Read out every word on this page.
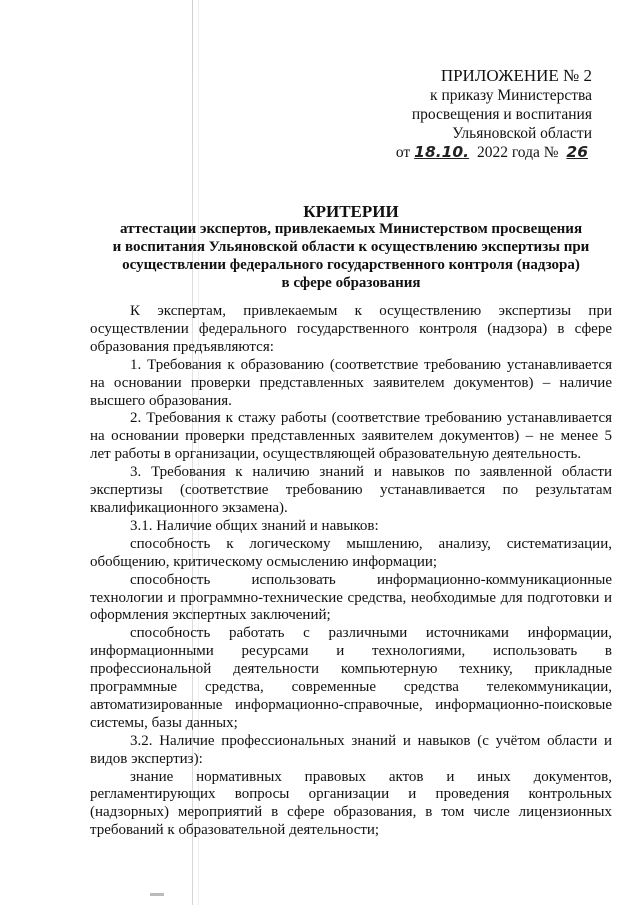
ПРИЛОЖЕНИЕ № 2
к приказу Министерства
просвещения и воспитания
Ульяновской области
от 18.10. 2022 года № 26
КРИТЕРИИ
аттестации экспертов, привлекаемых Министерством просвещения
и воспитания Ульяновской области к осуществлению экспертизы при
осуществлении федерального государственного контроля (надзора)
в сфере образования

К экспертам, привлекаемым к осуществлению экспертизы при осуществлении федерального государственного контроля (надзора) в сфере образования предъявляются:

1. Требования к образованию (соответствие требованию устанавливается на основании проверки представленных заявителем документов) – наличие высшего образования.

2. Требования к стажу работы (соответствие требованию устанавливается на основании проверки представленных заявителем документов) – не менее 5 лет работы в организации, осуществляющей образовательную деятельность.

3. Требования к наличию знаний и навыков по заявленной области экспертизы (соответствие требованию устанавливается по результатам квалификационного экзамена).

3.1. Наличие общих знаний и навыков:

способность к логическому мышлению, анализу, систематизации, обобщению, критическому осмыслению информации;

способность использовать информационно-коммуникационные технологии и программно-технические средства, необходимые для подготовки и оформления экспертных заключений;

способность работать с различными источниками информации, информационными ресурсами и технологиями, использовать в профессиональной деятельности компьютерную технику, прикладные программные средства, современные средства телекоммуникации, автоматизированные информационно-справочные, информационно-поисковые системы, базы данных;

3.2. Наличие профессиональных знаний и навыков (с учётом области и видов экспертиз):

знание нормативных правовых актов и иных документов, регламентирующих вопросы организации и проведения контрольных (надзорных) мероприятий в сфере образования, в том числе лицензионных требований к образовательной деятельности;
